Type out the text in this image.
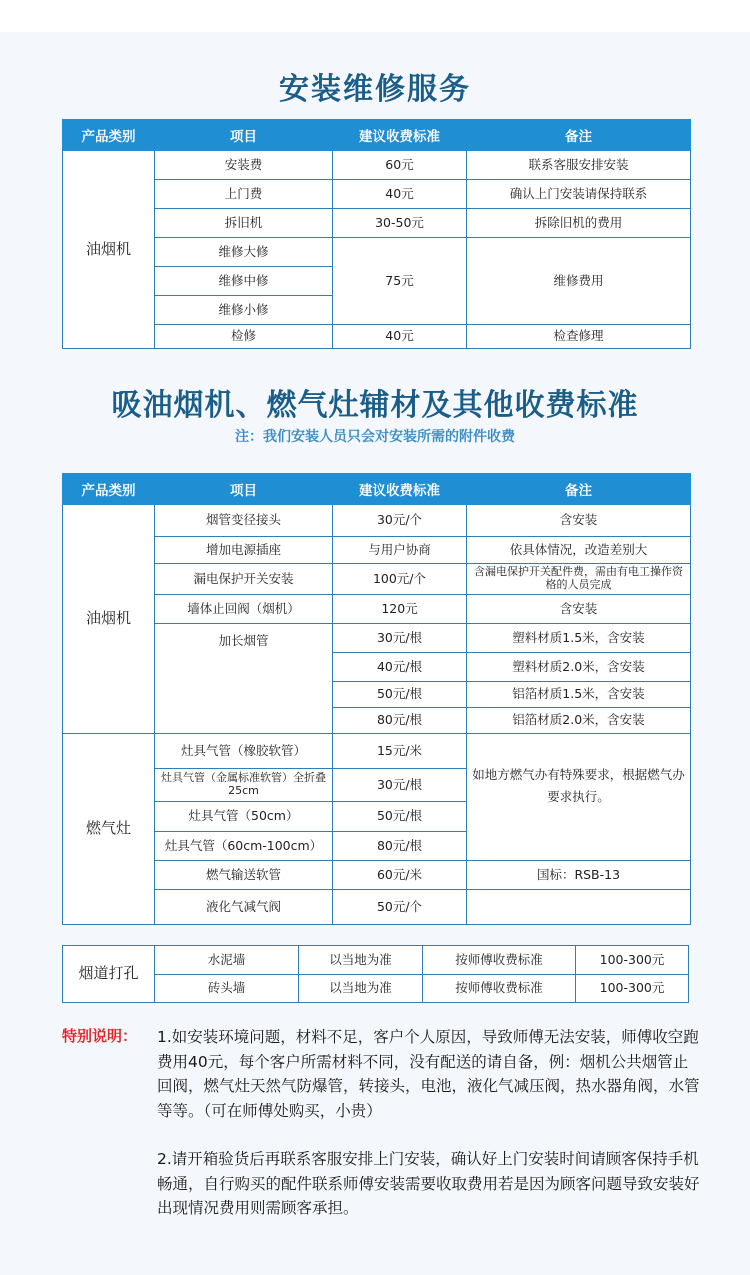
安装维修服务
产品类别	项目	建议收费标准	备注
油烟机	安装费	60元	联系客服安排安装
	上门费	40元	确认上门安装请保持联系
	拆旧机	30-50元	拆除旧机的费用
	维修大修	75元	维修费用
	维修中修		
	维修小修		
	检修	40元	检查修理
吸油烟机、燃气灶辅材及其他收费标准
注：我们安装人员只会对安装所需的附件收费
产品类别	项目	建议收费标准	备注
油烟机	烟管变径接头	30元/个	含安装
	增加电源插座	与用户协商	依具体情况，改造差别大
	漏电保护开关安装	100元/个	含漏电保护开关配件费，需由有电工操作资格的人员完成
	墙体止回阀（烟机）	120元	含安装
	加长烟管	30元/根	塑料材质1.5米，含安装
		40元/根	塑料材质2.0米，含安装
		50元/根	铝箔材质1.5米，含安装
		80元/根	铝箔材质2.0米，含安装
燃气灶	灶具气管（橡胶软管）	15元/米	如地方燃气办有特殊要求，根据燃气办要求执行。
	灶具气管（金属标准软管）全折叠25cm	30元/根	
	灶具气管（50cm）	50元/根	
	灶具气管（60cm-100cm）	80元/根	
	燃气输送软管	60元/米	国标：RSB-13
	液化气减气阀	50元/个	
烟道打孔	水泥墙	以当地为准	按师傅收费标准	100-300元
	砖头墙	以当地为准	按师傅收费标准	100-300元
特别说明： 1.如安装环境问题，材料不足，客户个人原因，导致师傅无法安装，师傅收空跑费用40元，每个客户所需材料不同，没有配送的请自备，例：烟机公共烟管止回阀，燃气灶天然气防爆管，转接头，电池，液化气减压阀，热水器角阀，水管等等。（可在师傅处购买，小贵）

2.请开箱验货后再联系客服安排上门安装，确认好上门安装时间请顾客保持手机畅通，自行购买的配件联系师傅安装需要收取费用若是因为顾客问题导致安装好出现情况费用则需顾客承担。
